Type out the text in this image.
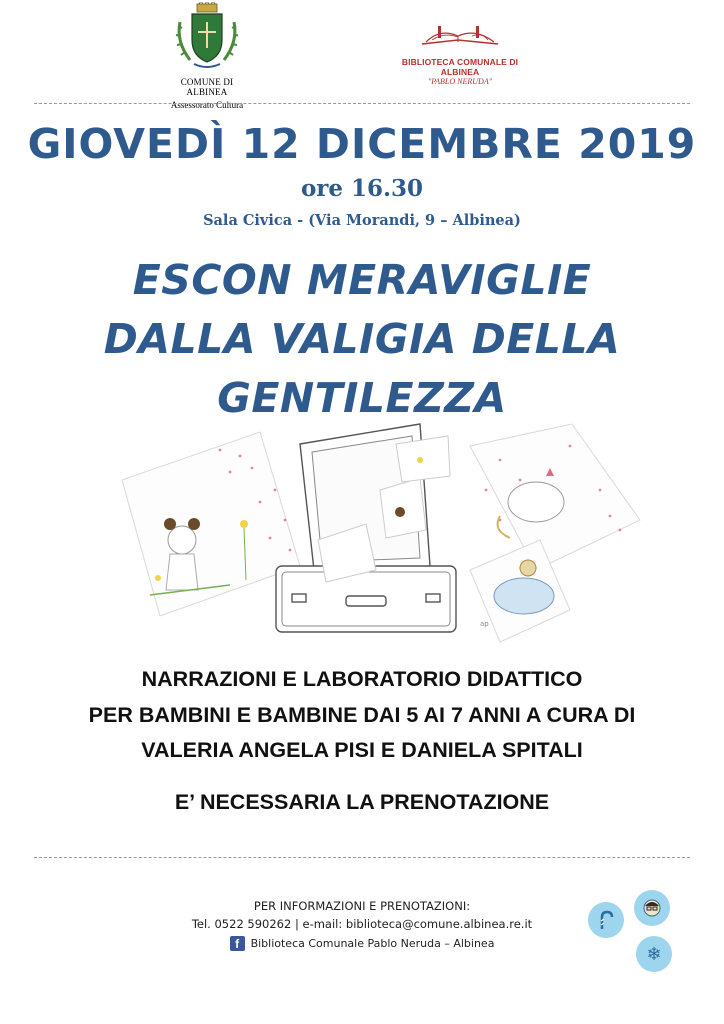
COMUNE DI ALBINEA
Assessorato Cultura
BIBLIOTECA COMUNALE DI ALBINEA
"PABLO NERUDA"
GIOVEDÌ 12 DICEMBRE 2019
ore 16.30
Sala Civica - (Via Morandi, 9 – Albinea)
ESCON MERAVIGLIE
DALLA VALIGIA DELLA
GENTILEZZA
ap
NARRAZIONI E LABORATORIO DIDATTICO
PER BAMBINI E BAMBINE DAI 5 AI 7 ANNI A CURA DI
VALERIA ANGELA PISI E DANIELA SPITALI
E’ NECESSARIA LA PRENOTAZIONE
PER INFORMAZIONI E PRENOTAZIONI:
Tel. 0522 590262 | e-mail: biblioteca@comune.albinea.re.it
f	Biblioteca Comunale Pablo Neruda – Albinea	❄
